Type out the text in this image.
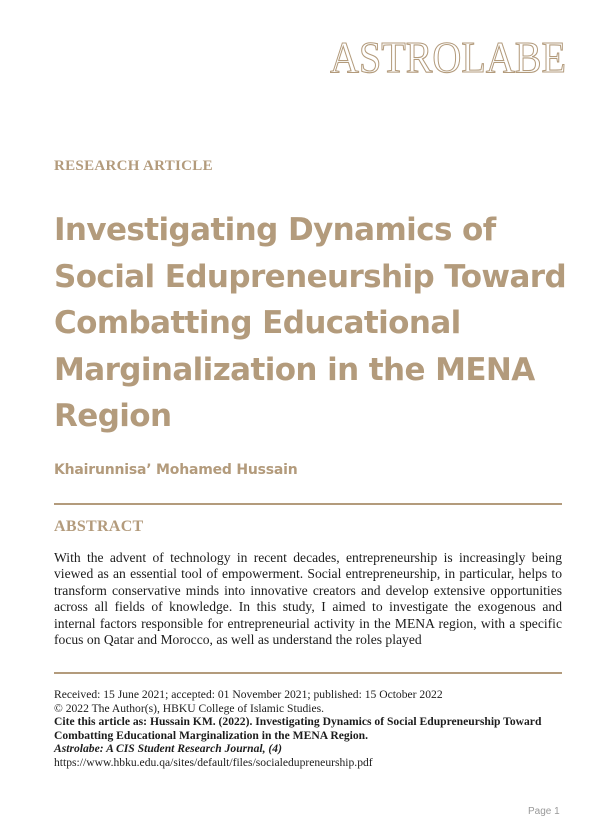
ASTROLABE
RESEARCH ARTICLE
Investigating Dynamics of Social Edupreneurship Toward Combatting Educational Marginalization in the MENA Region
Khairunnisa’ Mohamed Hussain
ABSTRACT

With the advent of technology in recent decades, entrepreneurship is increasingly being viewed as an essential tool of empowerment. Social entrepreneurship, in particular, helps to transform conservative minds into innovative creators and develop extensive opportunities across all fields of knowledge. In this study, I aimed to investigate the exogenous and internal factors responsible for entrepreneurial activity in the MENA region, with a specific focus on Qatar and Morocco, as well as understand the roles played

Received: 15 June 2021; accepted: 01 November 2021; published: 15 October 2022
© 2022 The Author(s), HBKU College of Islamic Studies.
Cite this article as: Hussain KM. (2022). Investigating Dynamics of Social Edupreneurship Toward Combatting Educational Marginalization in the MENA Region.
Astrolabe: A CIS Student Research Journal, (4)
https://www.hbku.edu.qa/sites/default/files/socialedupreneurship.pdf
Page 1
